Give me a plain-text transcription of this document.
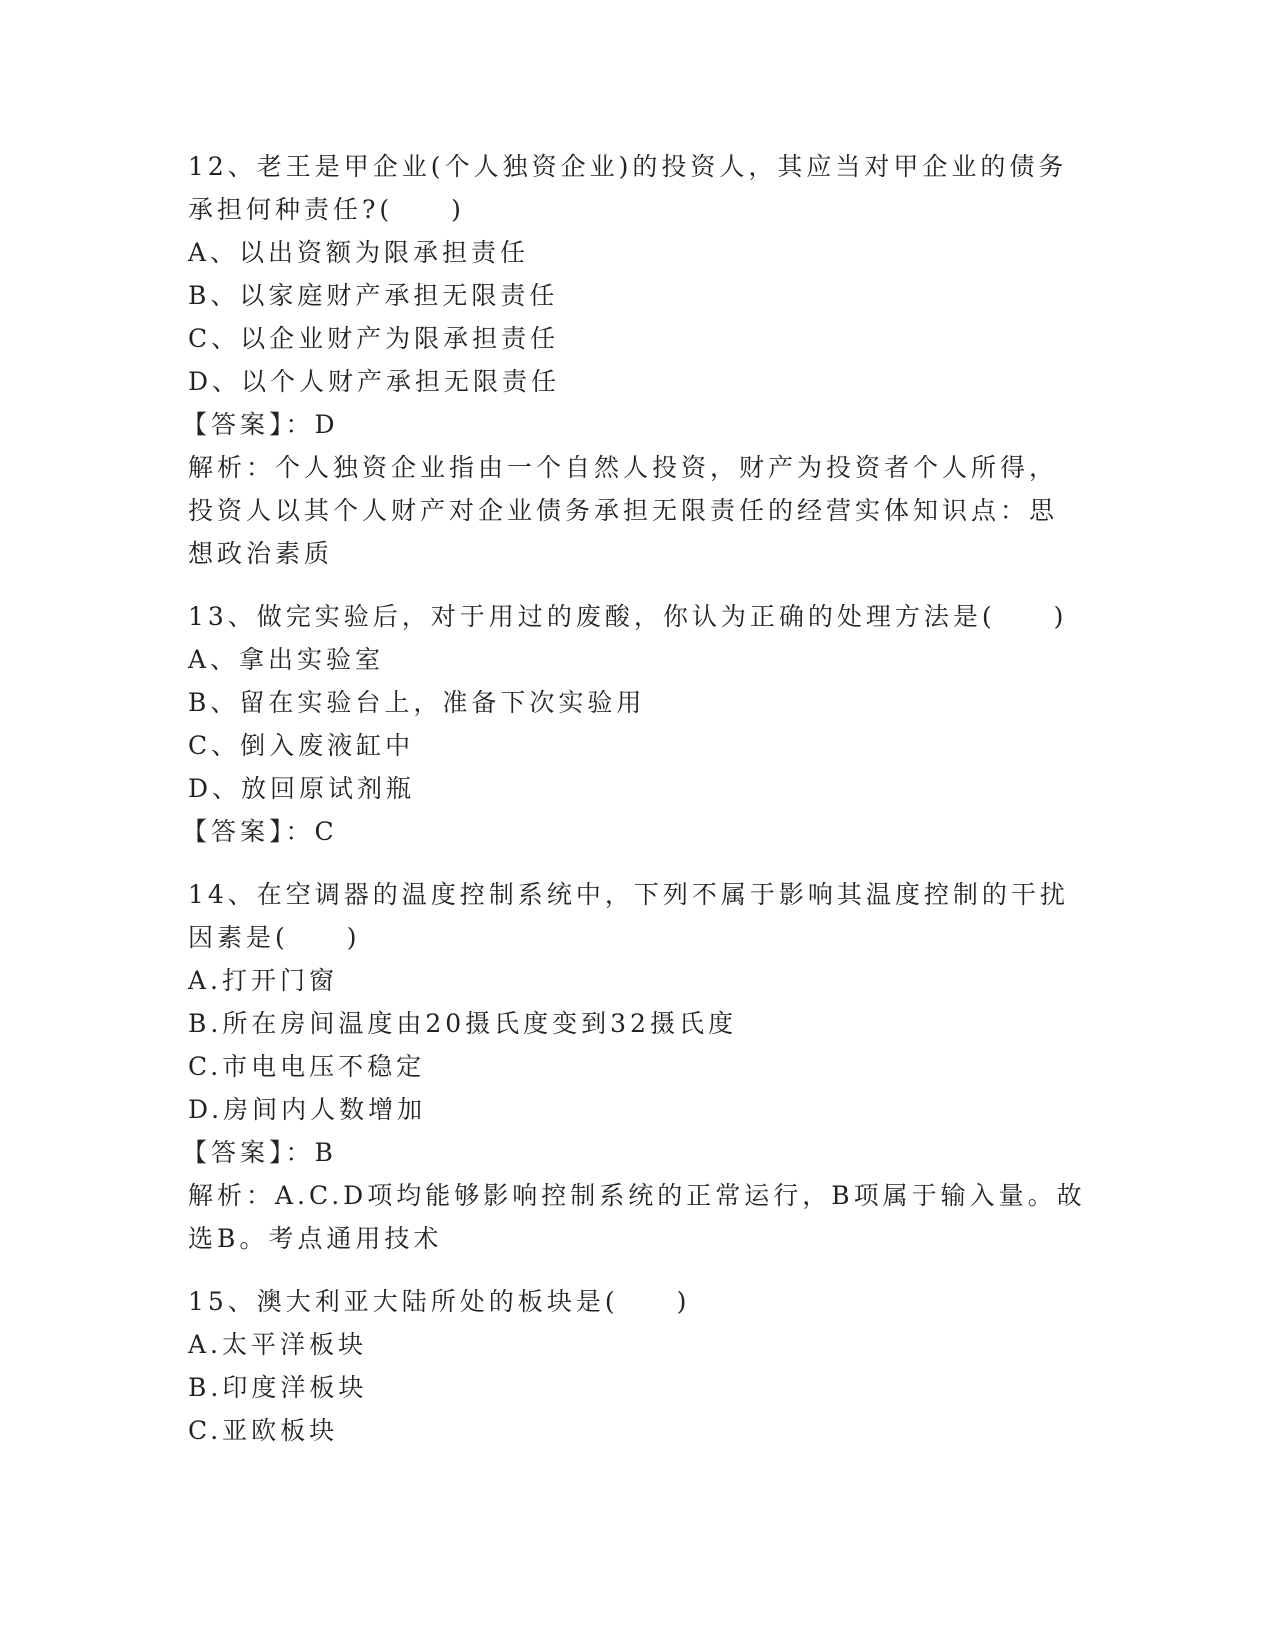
12、老王是甲企业(个人独资企业)的投资人，其应当对甲企业的债务
承担何种责任?(　　)
A、以出资额为限承担责任
B、以家庭财产承担无限责任
C、以企业财产为限承担责任
D、以个人财产承担无限责任
【答案】：D
解析：个人独资企业指由一个自然人投资，财产为投资者个人所得，
投资人以其个人财产对企业债务承担无限责任的经营实体知识点：思
想政治素质
13、做完实验后，对于用过的废酸，你认为正确的处理方法是(　　)
A、拿出实验室
B、留在实验台上，准备下次实验用
C、倒入废液缸中
D、放回原试剂瓶
【答案】：C
14、在空调器的温度控制系统中，下列不属于影响其温度控制的干扰
因素是(　　)
A.打开门窗
B.所在房间温度由20摄氏度变到32摄氏度
C.市电电压不稳定
D.房间内人数增加
【答案】：B
解析：A.C.D项均能够影响控制系统的正常运行，B项属于输入量。故
选B。考点通用技术
15、澳大利亚大陆所处的板块是(　　)
A.太平洋板块
B.印度洋板块
C.亚欧板块
